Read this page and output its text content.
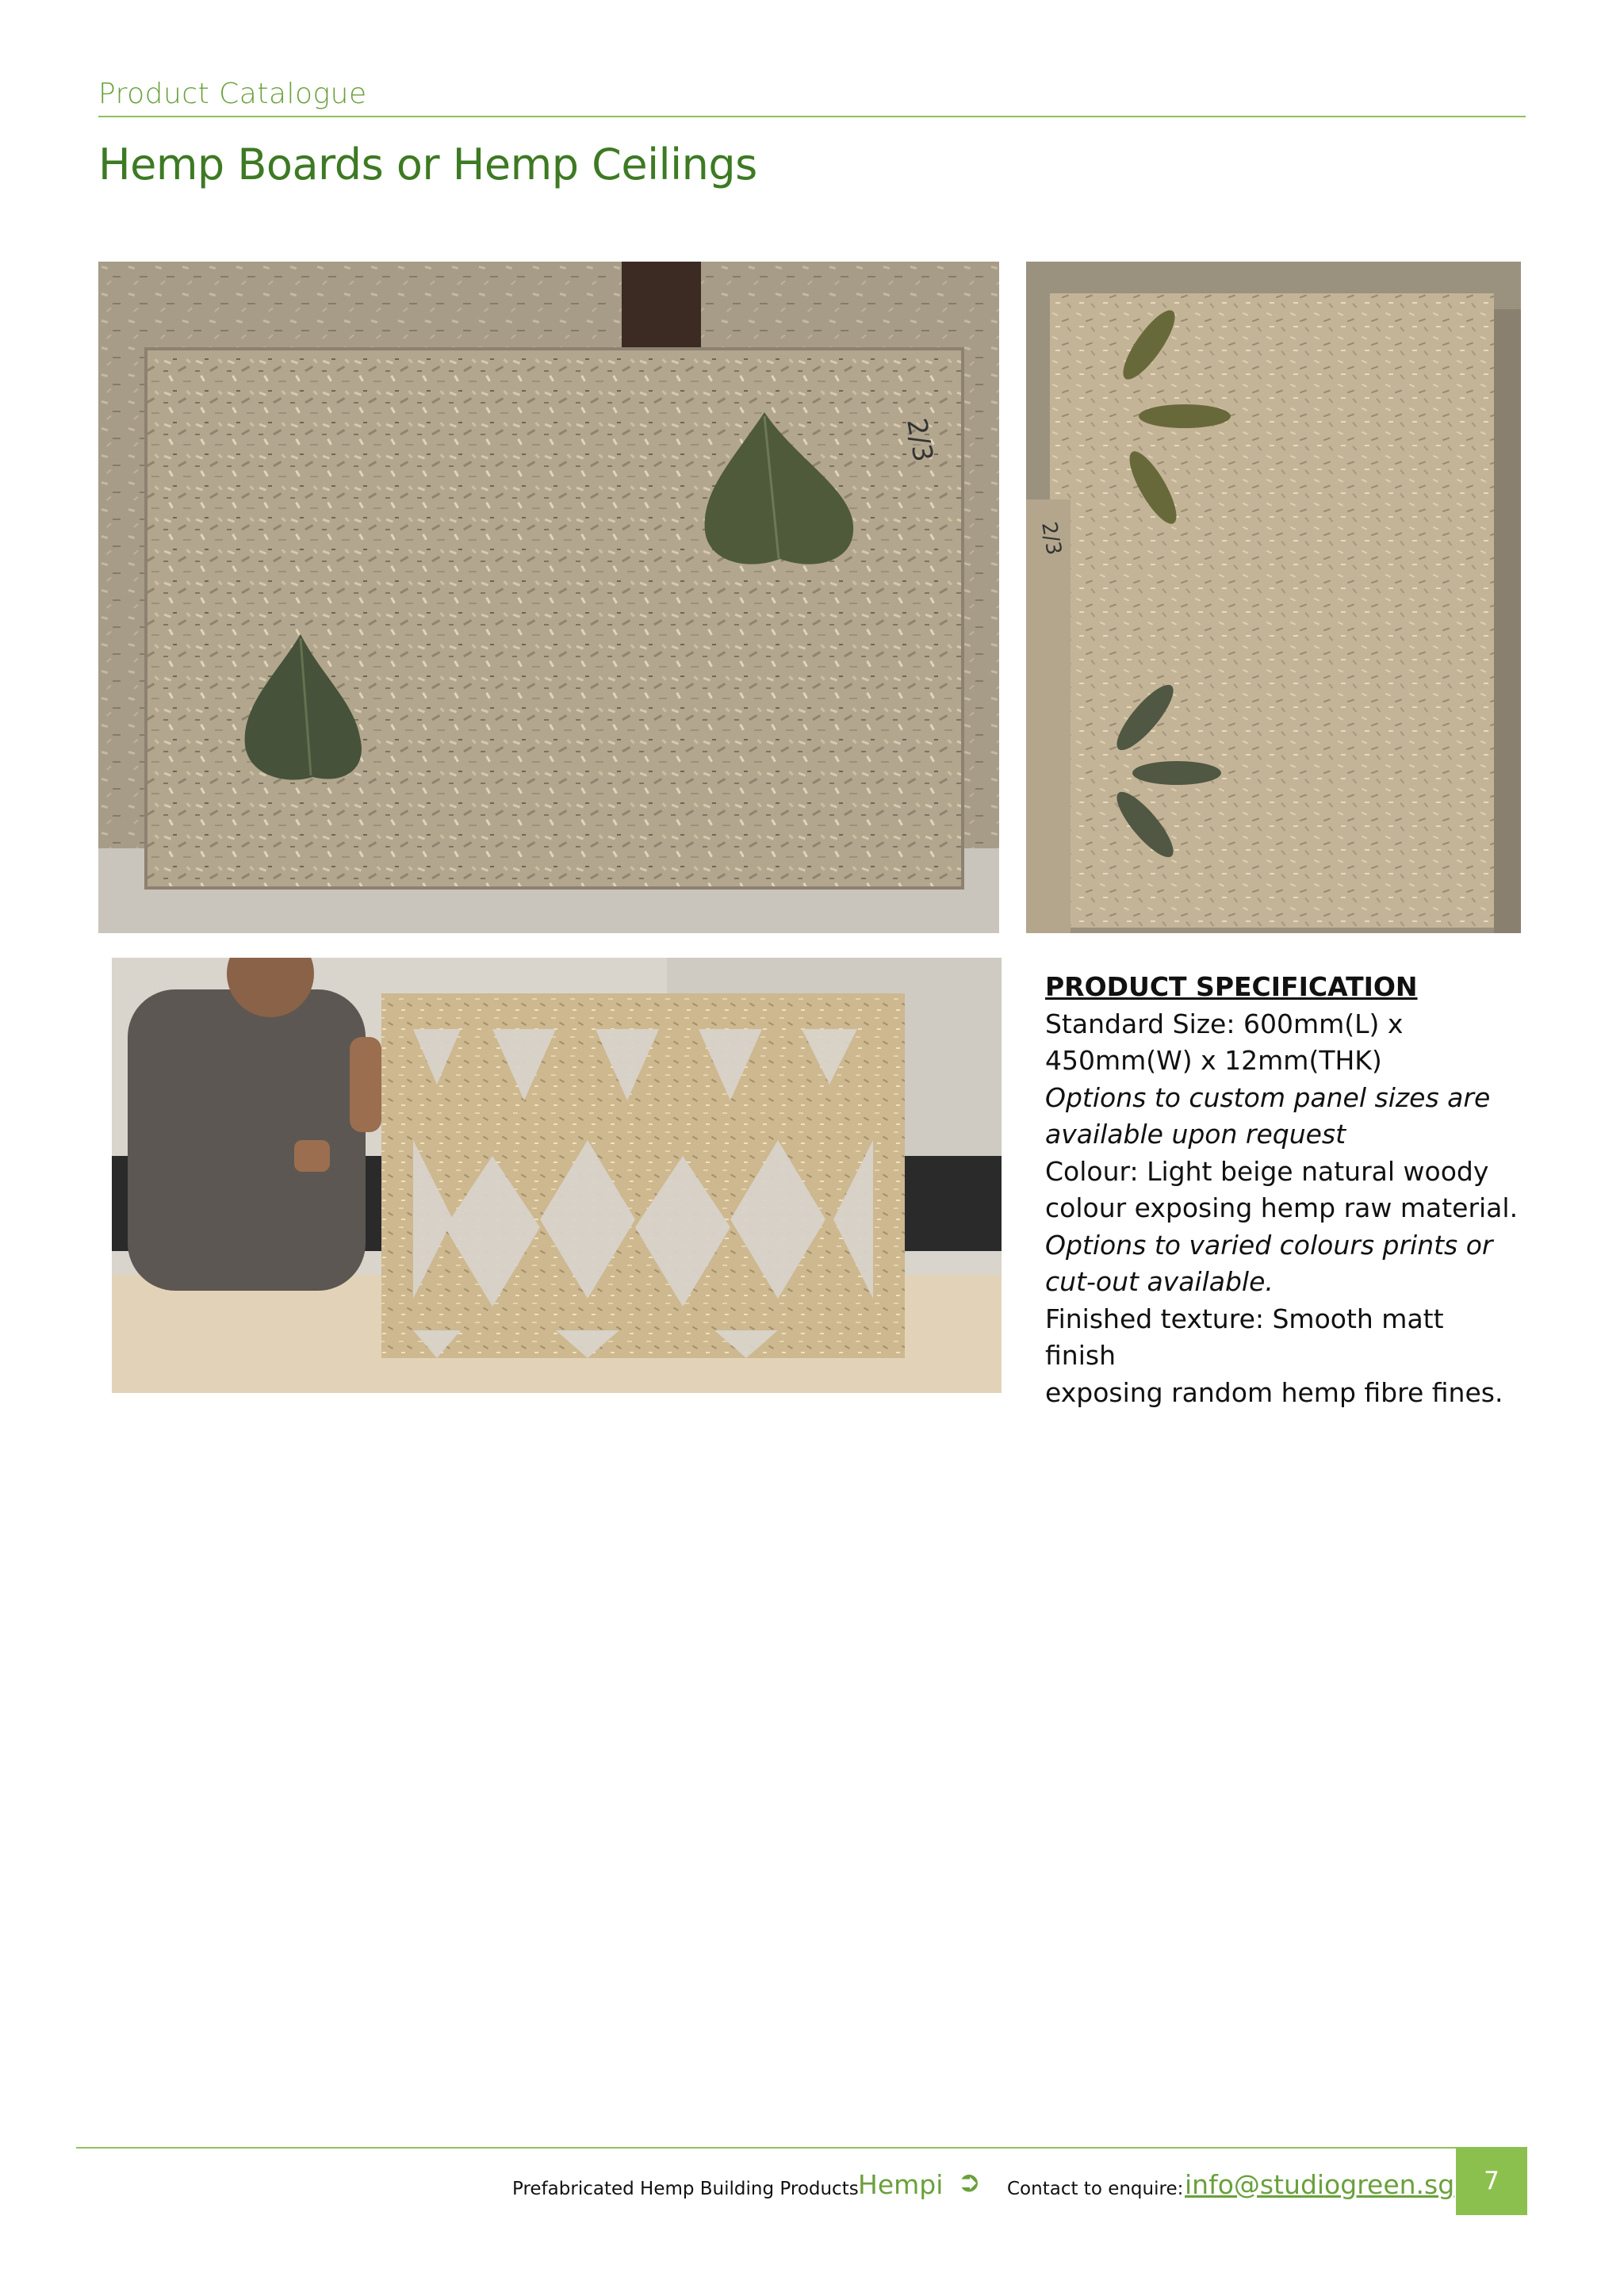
Product Catalogue
Hemp Boards or Hemp Ceilings
2/3
2/3
PRODUCT SPECIFICATION
Standard Size: 600mm(L) x
450mm(W) x 12mm(THK)
Options to custom panel sizes are
available upon request
Colour: Light beige natural woody
colour exposing hemp raw material.
Options to varied colours prints or
cut-out available.
Finished texture: Smooth matt finish
exposing random hemp fibre fines.
Prefabricated Hemp Building Products Hempi ➲ Contact to enquire: info@studiogreen.sg	7
